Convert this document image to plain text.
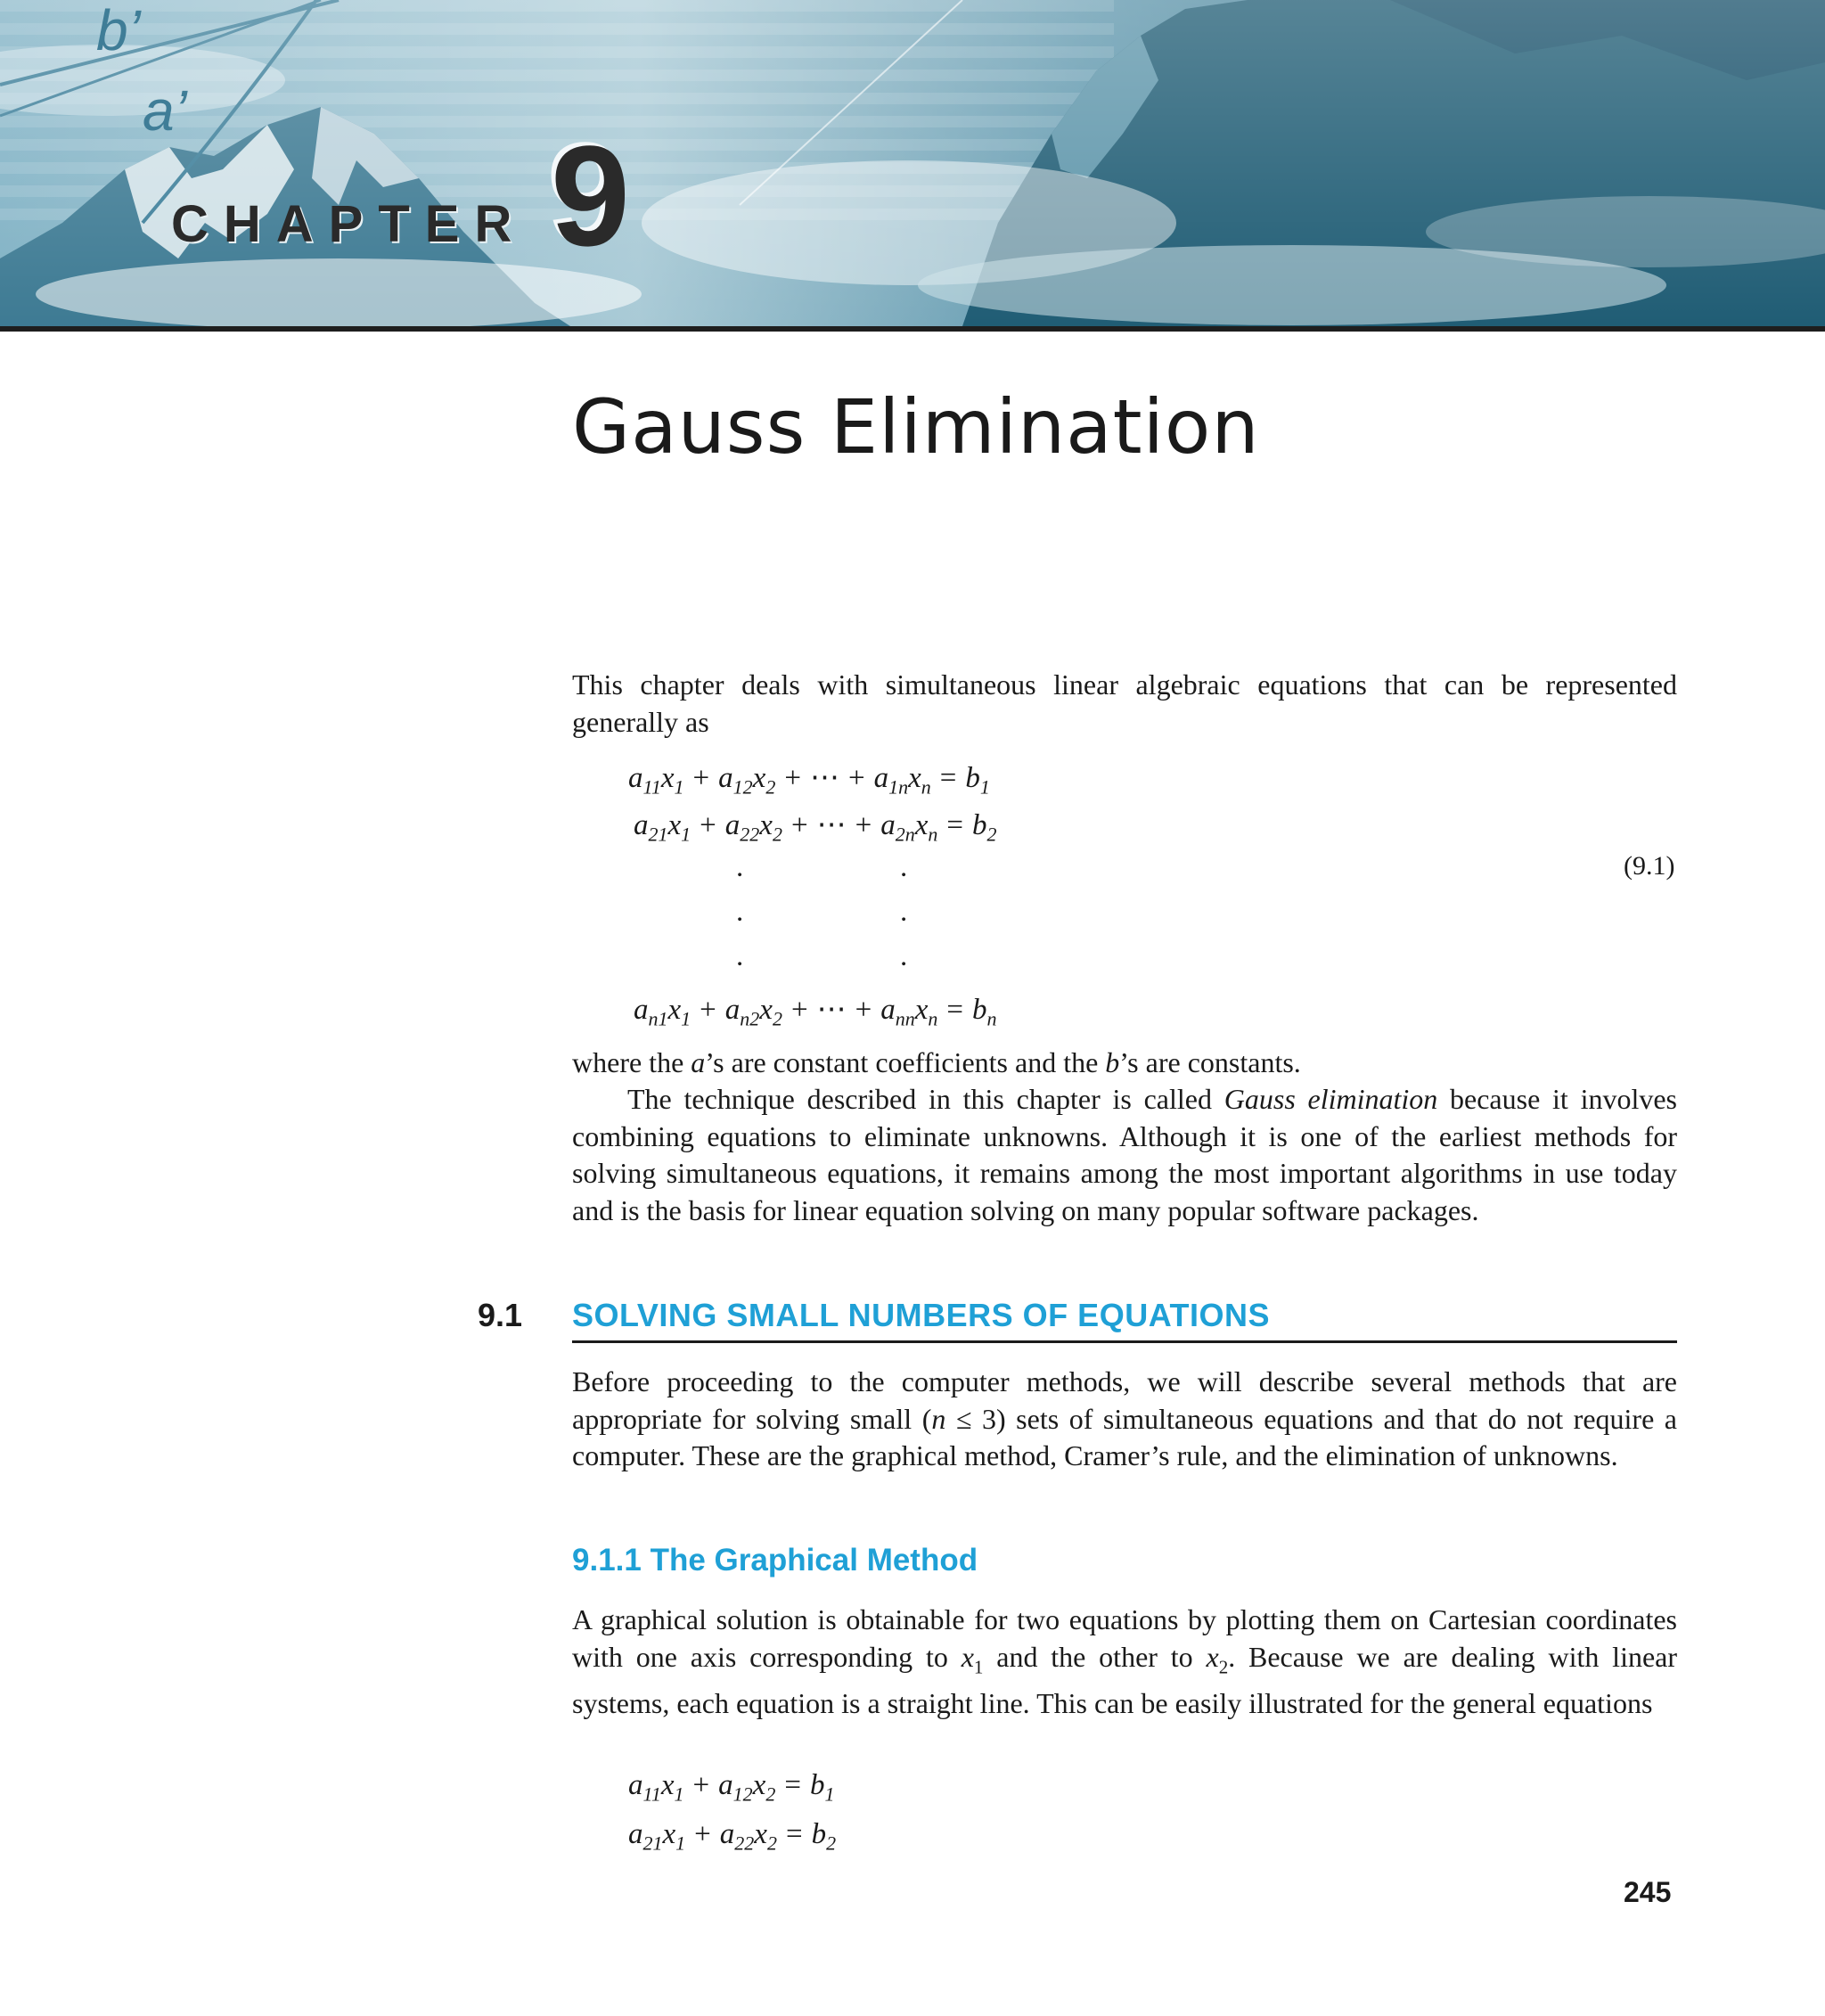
b’
a’
CHAPTER 9
Gauss Elimination

This chapter deals with simultaneous linear algebraic equations that can be represented generally as

$a_{11}x_1 + a_{12}x_2$ + ⋯ + $a_{1n}x_n = b_1$
$a_{21}x_1 + a_{22}x_2$ + ⋯ + $a_{2n}x_n = b_2$
.	.
.	.
.	.
$a_{n1}x_1 + a_{n2}x_2$ + ⋯ + $a_{nn}x_n = b_n$
(9.1)

where the a’s are constant coefficients and the b’s are constants.

The technique described in this chapter is called Gauss elimination because it involves combining equations to eliminate unknowns. Although it is one of the earliest methods for solving simultaneous equations, it remains among the most important algorithms in use today and is the basis for linear equation solving on many popular software packages.

9.1 SOLVING SMALL NUMBERS OF EQUATIONS

Before proceeding to the computer methods, we will describe several methods that are appropriate for solving small (n ≤ 3) sets of simultaneous equations and that do not require a computer. These are the graphical method, Cramer’s rule, and the elimination of unknowns.

9.1.1 The Graphical Method

A graphical solution is obtainable for two equations by plotting them on Cartesian coordinates with one axis corresponding to $x_1$ and the other to $x_2$. Because we are dealing with linear systems, each equation is a straight line. This can be easily illustrated for the general equations

$a_{11}x_1 + a_{12}x_2 = b_1$
$a_{21}x_1 + a_{22}x_2 = b_2$
245
